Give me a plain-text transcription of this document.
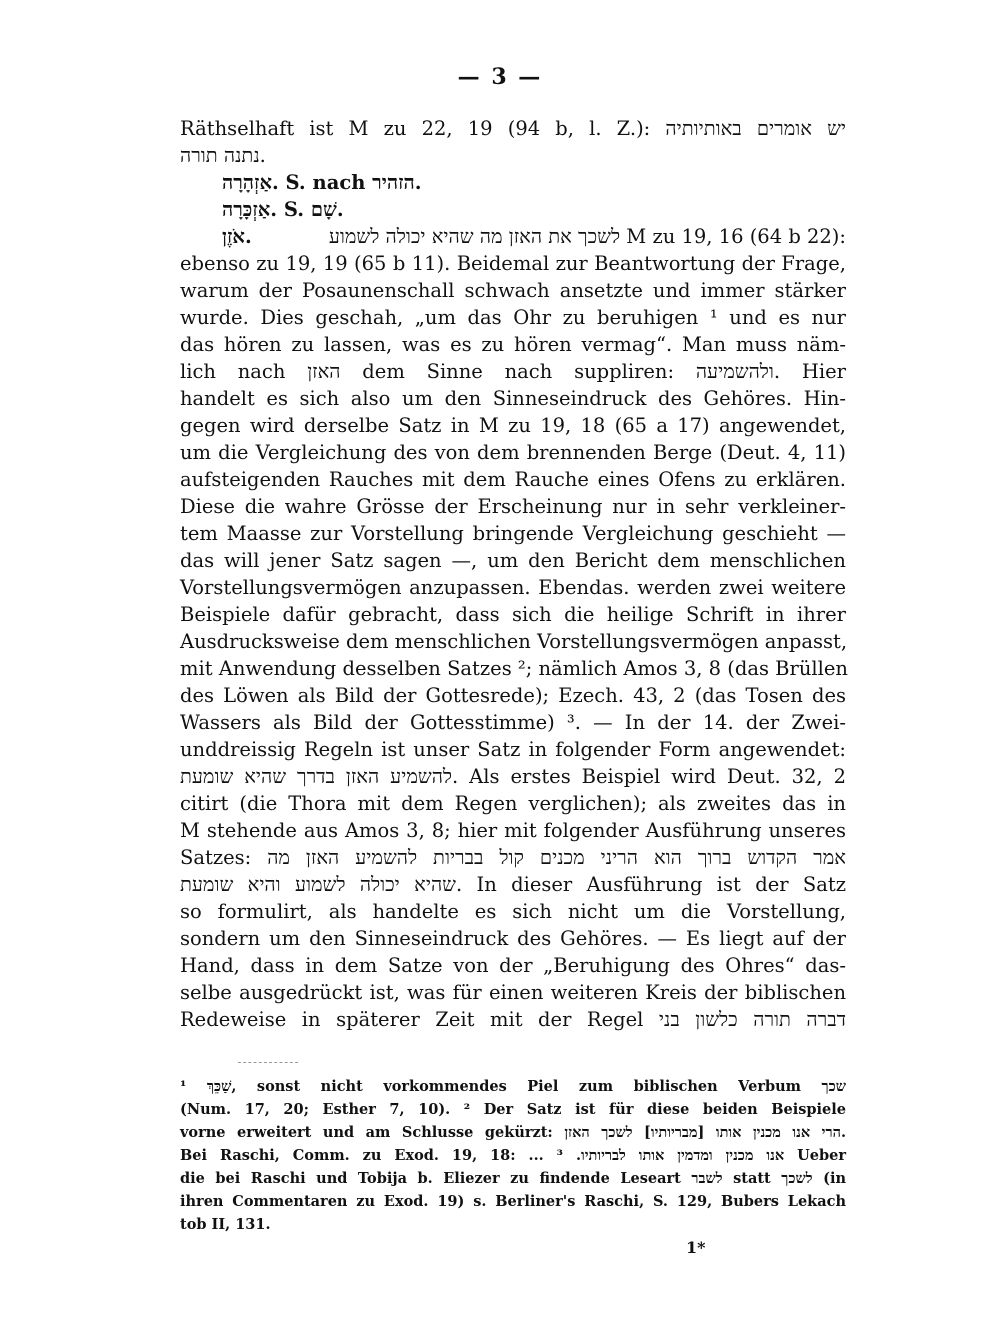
— 3 —
Räthselhaft ist M zu 22, 19 (94 b, l. Z.): יש אומרים באותיותיה
נתנה תורה.
אַזְהָרָה. S. nach הזהיר.
אַזְכָּרָה. S. שָׁם.
אֹזֶן.	לשכך את האזן מה שהיא יכולה לשמוע M zu 19, 16 (64 b 22):
ebenso zu 19, 19 (65 b 11). Beidemal zur Beantwortung der Frage,
warum der Posaunenschall schwach ansetzte und immer stärker
wurde. Dies geschah, „um das Ohr zu beruhigen ¹ und es nur
das hören zu lassen, was es zu hören vermag“. Man muss näm-
lich nach האזן dem Sinne nach suppliren: ולהשמיעה. Hier
handelt es sich also um den Sinneseindruck des Gehöres. Hin-
gegen wird derselbe Satz in M zu 19, 18 (65 a 17) angewendet,
um die Vergleichung des von dem brennenden Berge (Deut. 4, 11)
aufsteigenden Rauches mit dem Rauche eines Ofens zu erklären.
Diese die wahre Grösse der Erscheinung nur in sehr verkleiner-
tem Maasse zur Vorstellung bringende Vergleichung geschieht —
das will jener Satz sagen —, um den Bericht dem menschlichen
Vorstellungsvermögen anzupassen. Ebendas. werden zwei weitere
Beispiele dafür gebracht, dass sich die heilige Schrift in ihrer
Ausdrucksweise dem menschlichen Vorstellungsvermögen anpasst,
mit Anwendung desselben Satzes ²; nämlich Amos 3, 8 (das Brüllen
des Löwen als Bild der Gottesrede); Ezech. 43, 2 (das Tosen des
Wassers als Bild der Gottesstimme) ³. — In der 14. der Zwei-
unddreissig Regeln ist unser Satz in folgender Form angewendet:
להשמיע האזן בדרך שהיא שומעת. Als erstes Beispiel wird Deut. 32, 2
citirt (die Thora mit dem Regen verglichen); als zweites das in
M stehende aus Amos 3, 8; hier mit folgender Ausführung unseres
Satzes: אמר הקדוש ברוך הוא הריני מכנים קול בבריות להשמיע האזן מה
שהיא יכולה לשמוע והיא שומעת. In dieser Ausführung ist der Satz
so formulirt, als handelte es sich nicht um die Vorstellung,
sondern um den Sinneseindruck des Gehöres. — Es liegt auf der
Hand, dass in dem Satze von der „Beruhigung des Ohres“ das-
selbe ausgedrückt ist, was für einen weiteren Kreis der biblischen
Redeweise in späterer Zeit mit der Regel דברה תורה כלשון בני
¹ שַׁכֵּךְ, sonst nicht vorkommendes Piel zum biblischen Verbum שכך
(Num. 17, 20; Esther 7, 10). ² Der Satz ist für diese beiden Beispiele
vorne erweitert und am Schlusse gekürzt: הרי אנו מכנין אותו [מבריותיו] לשכך האזן.
Bei Raschi, Comm. zu Exod. 19, 18: ... אנו מכנין ומדמין אותו לבריותיו. ³ Ueber
die bei Raschi und Tobija b. Eliezer zu findende Leseart לשבר statt לשכך (in
ihren Commentaren zu Exod. 19) s. Berliner's Raschi, S. 129, Bubers Lekach
tob II, 131.
1*
